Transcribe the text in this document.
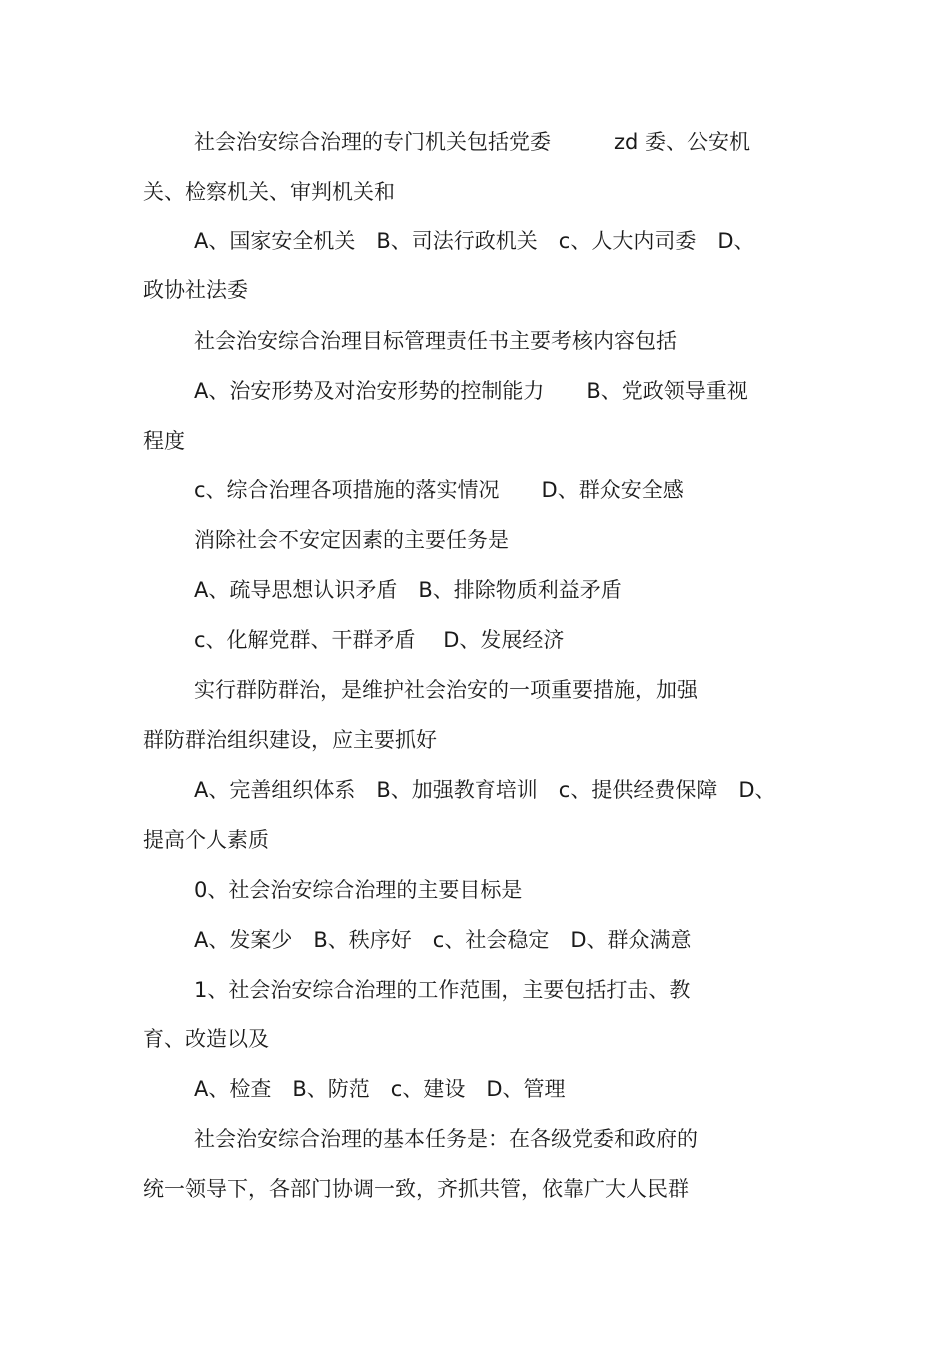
社会治安综合治理的专门机关包括党委　　　zd 委、公安机
关、检察机关、审判机关和
A、国家安全机关　B、司法行政机关　c、人大内司委　D、
政协社法委
社会治安综合治理目标管理责任书主要考核内容包括
A、治安形势及对治安形势的控制能力　　B、党政领导重视
程度
c、综合治理各项措施的落实情况　　D、群众安全感
消除社会不安定因素的主要任务是
A、疏导思想认识矛盾　B、排除物质利益矛盾
c、化解党群、干群矛盾　 D、发展经济
实行群防群治，是维护社会治安的一项重要措施，加强
群防群治组织建设，应主要抓好
A、完善组织体系　B、加强教育培训　c、提供经费保障　D、
提高个人素质
0、社会治安综合治理的主要目标是
A、发案少　B、秩序好　c、社会稳定　D、群众满意
1、社会治安综合治理的工作范围，主要包括打击、教
育、改造以及
A、检查　B、防范　c、建设　D、管理
社会治安综合治理的基本任务是：在各级党委和政府的
统一领导下，各部门协调一致，齐抓共管，依靠广大人民群
